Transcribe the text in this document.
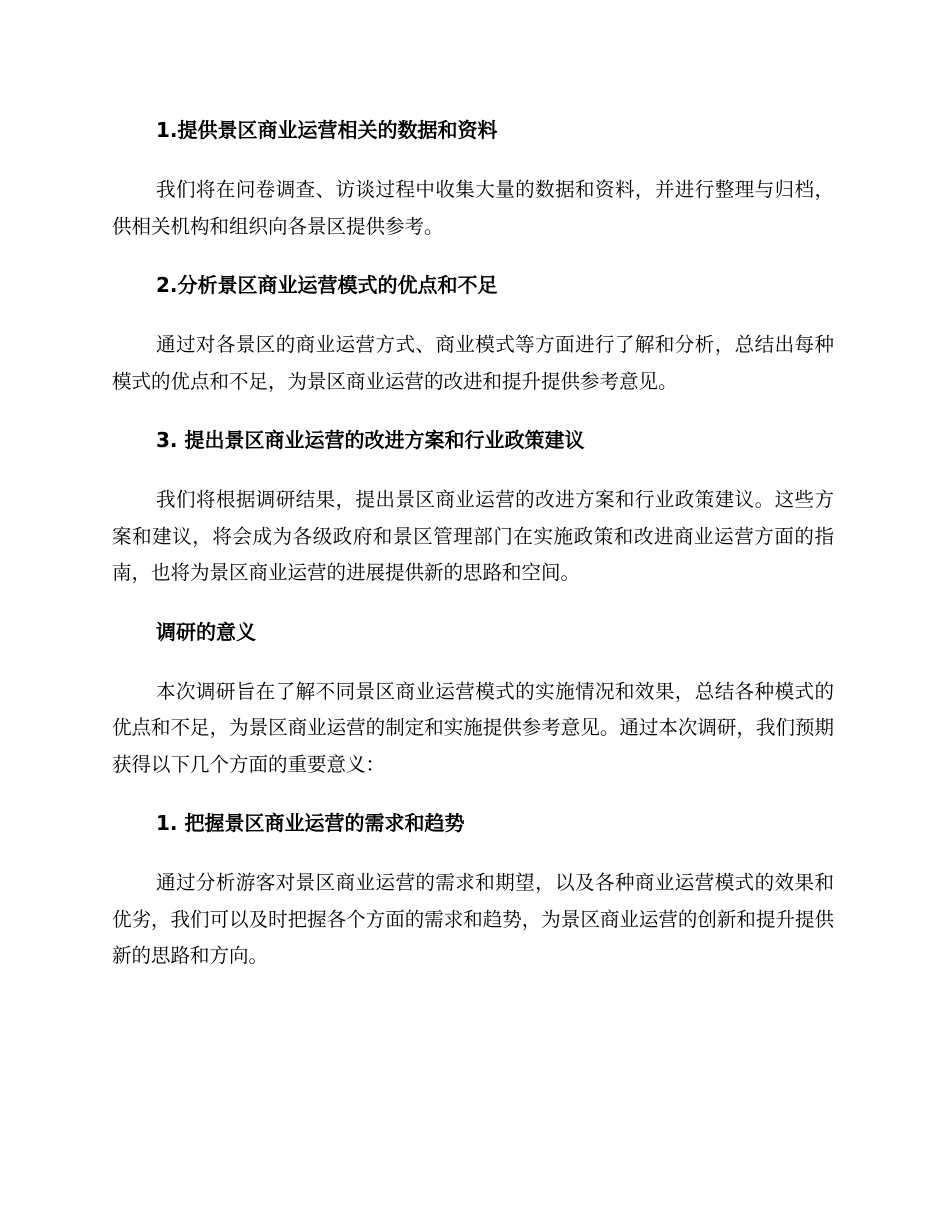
1.提供景区商业运营相关的数据和资料

我们将在问卷调查、访谈过程中收集大量的数据和资料，并进行整理与归档，供相关机构和组织向各景区提供参考。

2.分析景区商业运营模式的优点和不足

通过对各景区的商业运营方式、商业模式等方面进行了解和分析，总结出每种模式的优点和不足，为景区商业运营的改进和提升提供参考意见。

3. 提出景区商业运营的改进方案和行业政策建议

我们将根据调研结果，提出景区商业运营的改进方案和行业政策建议。这些方案和建议，将会成为各级政府和景区管理部门在实施政策和改进商业运营方面的指南，也将为景区商业运营的进展提供新的思路和空间。

调研的意义

本次调研旨在了解不同景区商业运营模式的实施情况和效果，总结各种模式的优点和不足，为景区商业运营的制定和实施提供参考意见。通过本次调研，我们预期获得以下几个方面的重要意义：

1. 把握景区商业运营的需求和趋势

通过分析游客对景区商业运营的需求和期望，以及各种商业运营模式的效果和优劣，我们可以及时把握各个方面的需求和趋势，为景区商业运营的创新和提升提供新的思路和方向。
